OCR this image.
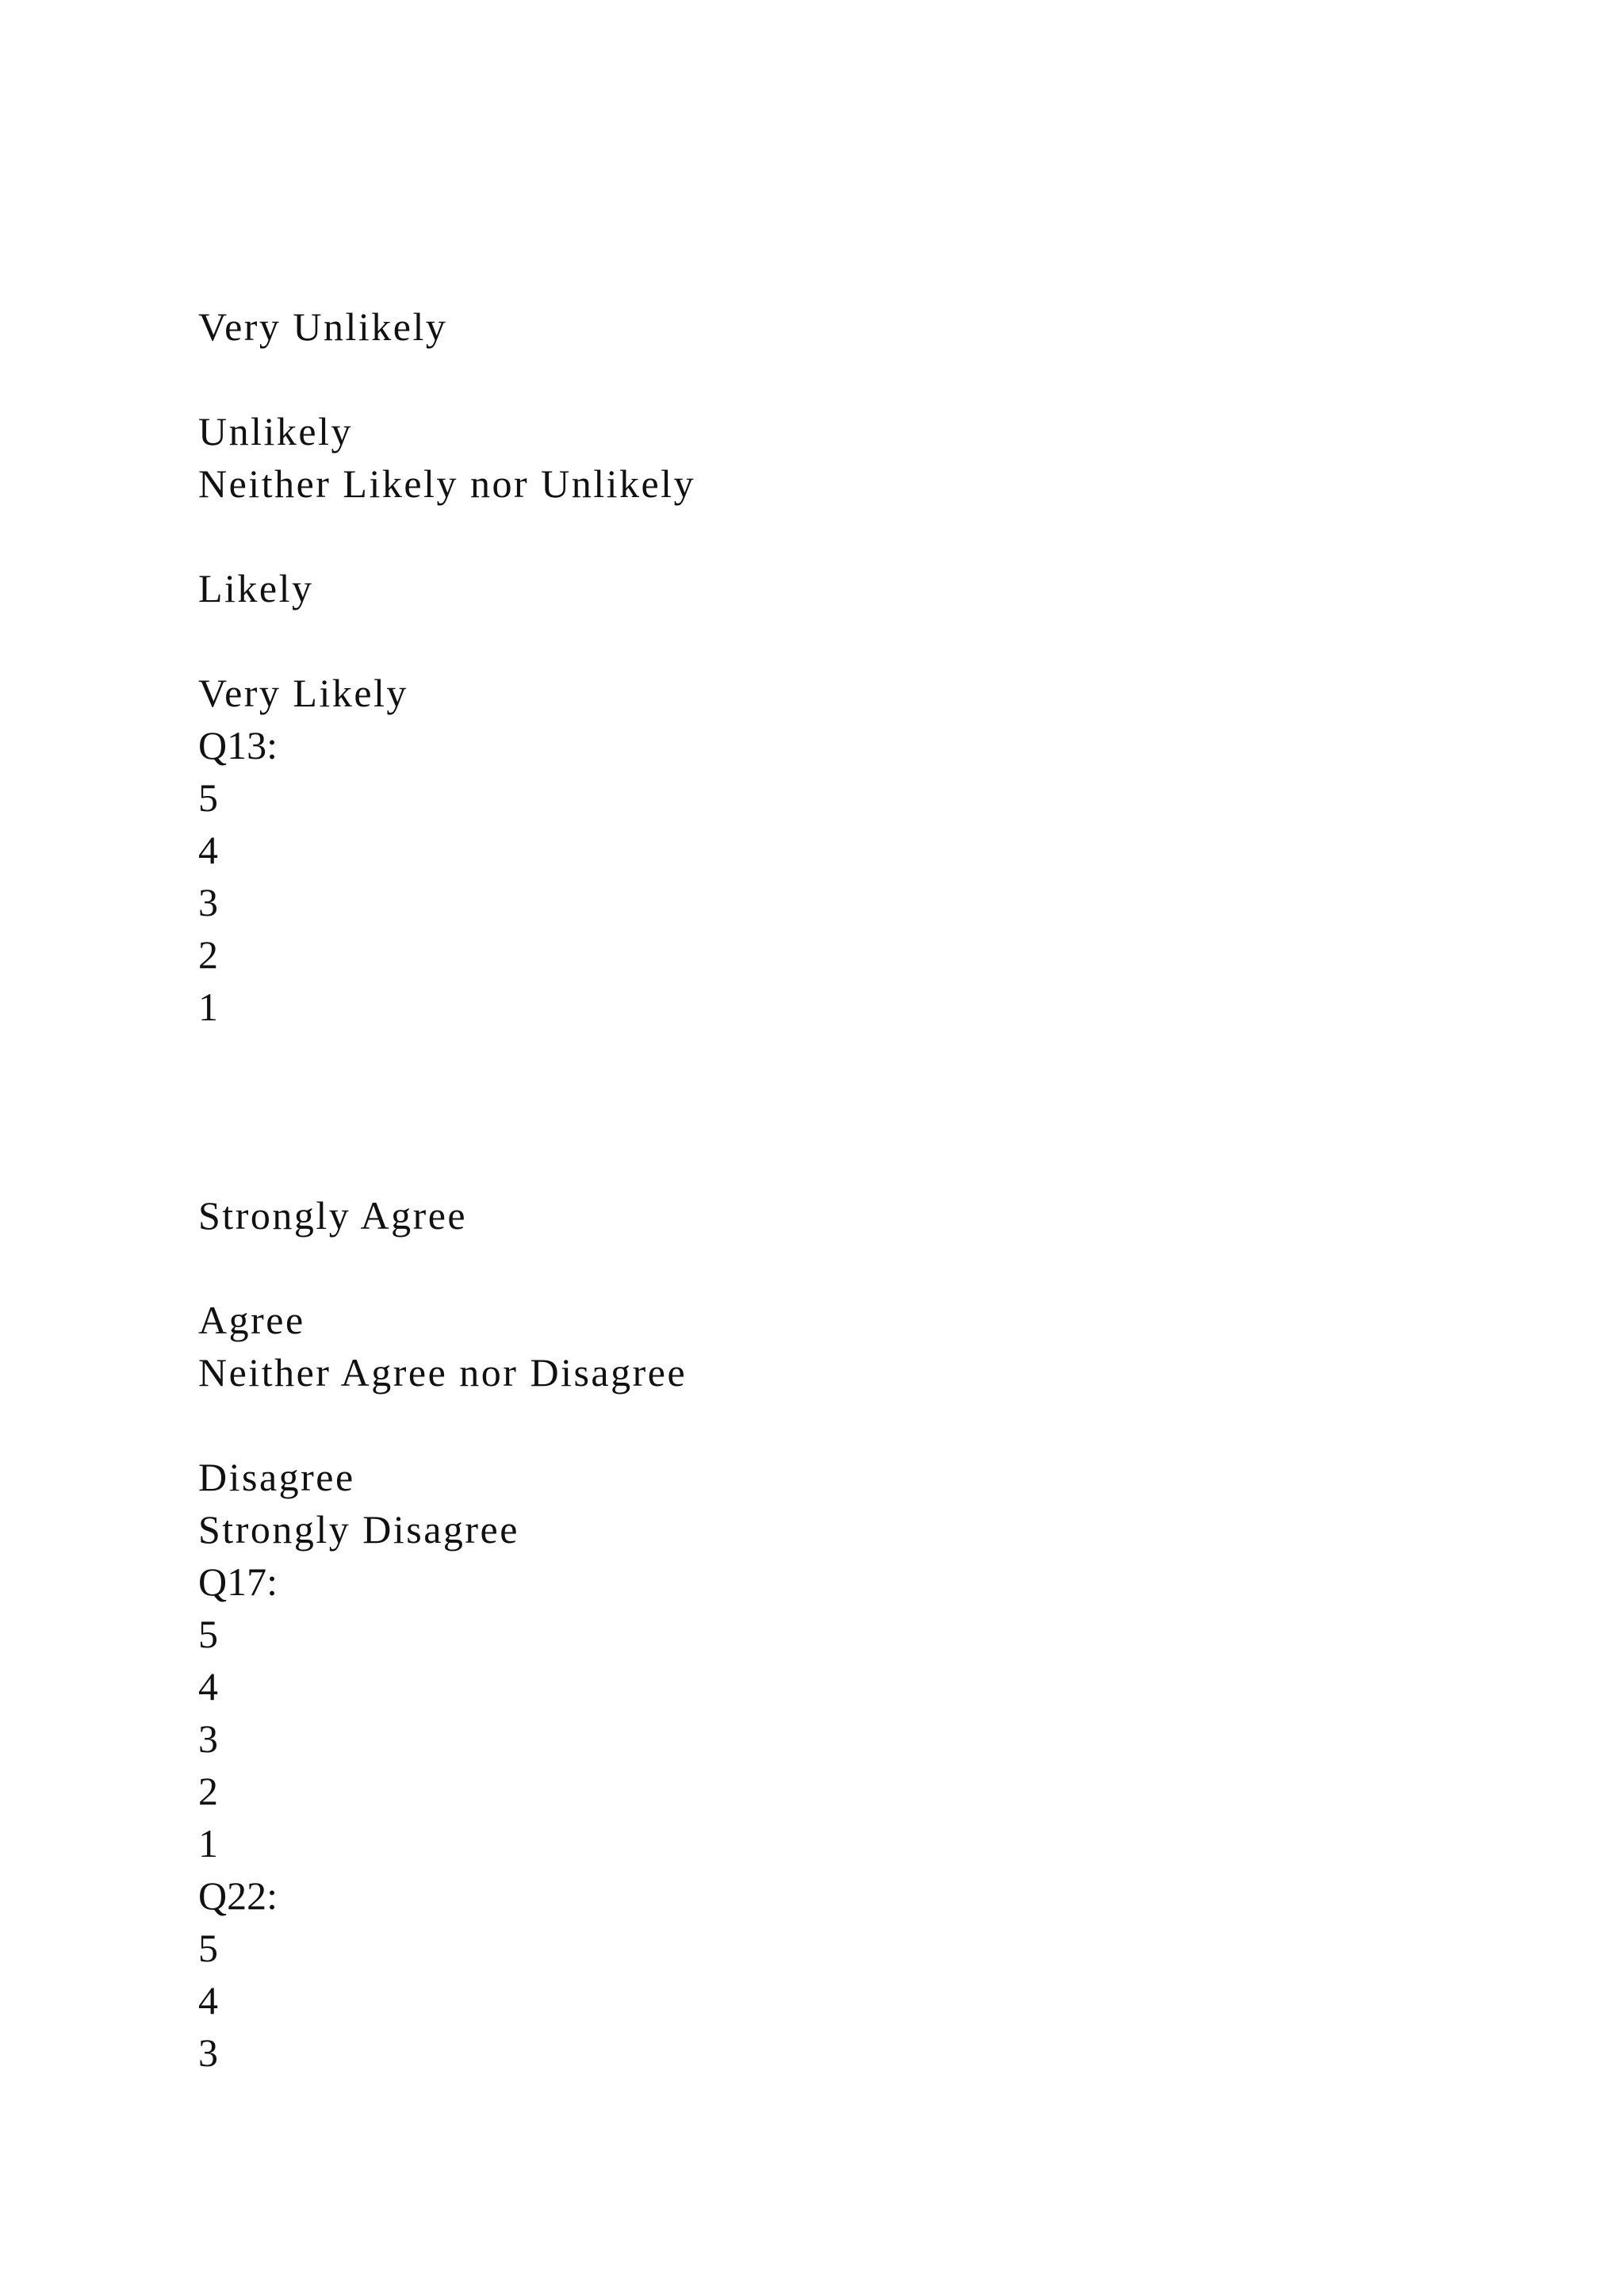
Very Unlikely

Unlikely

Neither Likely nor Unlikely

Likely

Very Likely

Q13:

5

4

3

2

1

Strongly Agree

Agree

Neither Agree nor Disagree

Disagree

Strongly Disagree

Q17:

5

4

3

2

1

Q22:

5

4

3
